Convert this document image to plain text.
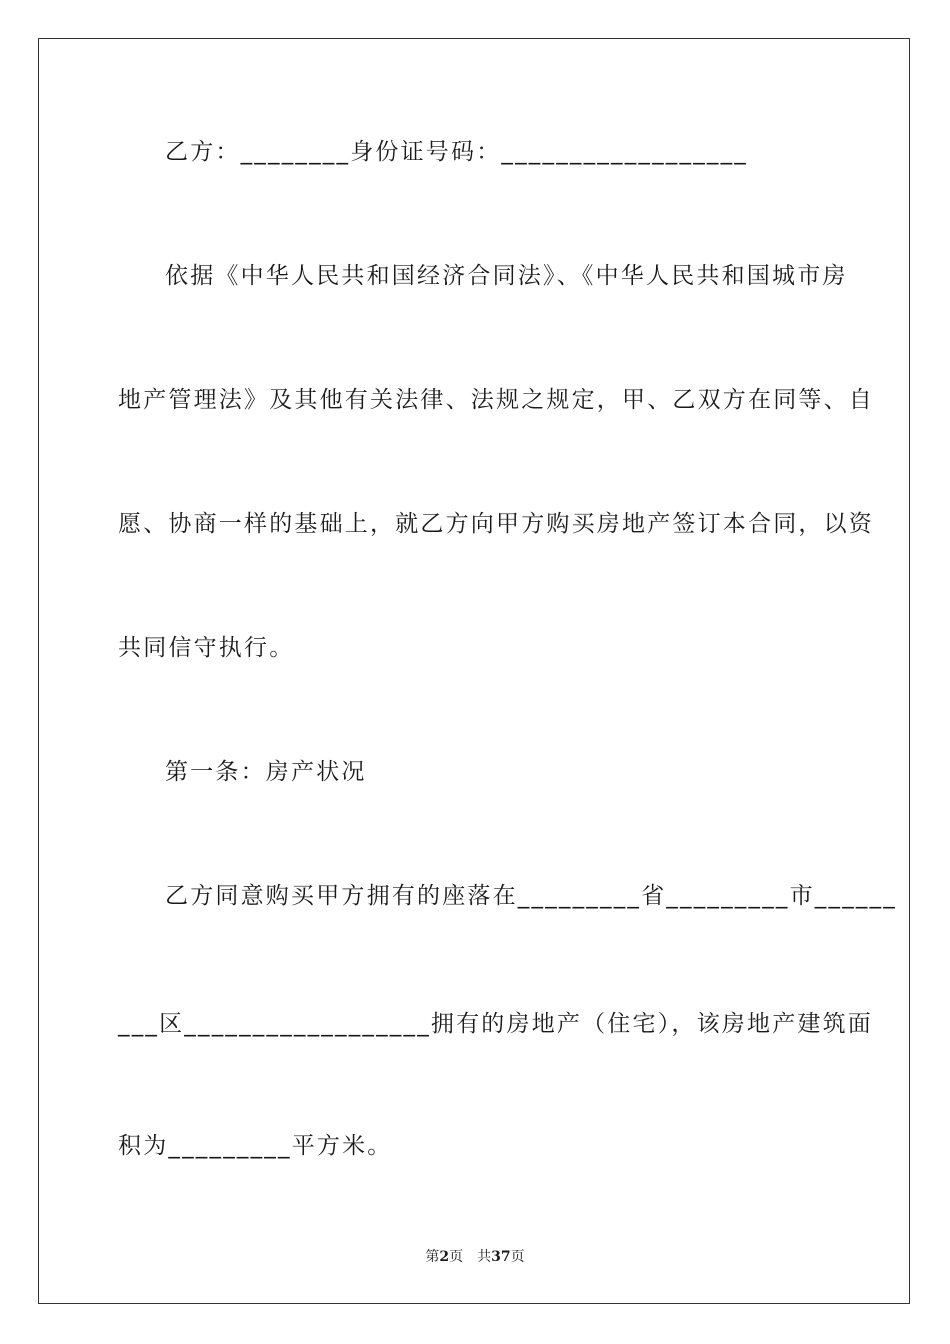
乙方：________身份证号码：__________________
依据《中华人民共和国经济合同法》、《中华人民共和国城市房
地产管理法》及其他有关法律、法规之规定，甲、乙双方在同等、自
愿、协商一样的基础上，就乙方向甲方购买房地产签订本合同，以资
共同信守执行。
第一条：房产状况
乙方同意购买甲方拥有的座落在_________省_________市______
___区__________________拥有的房地产（住宅），该房地产建筑面
积为_________平方米。
第2页 共37页
